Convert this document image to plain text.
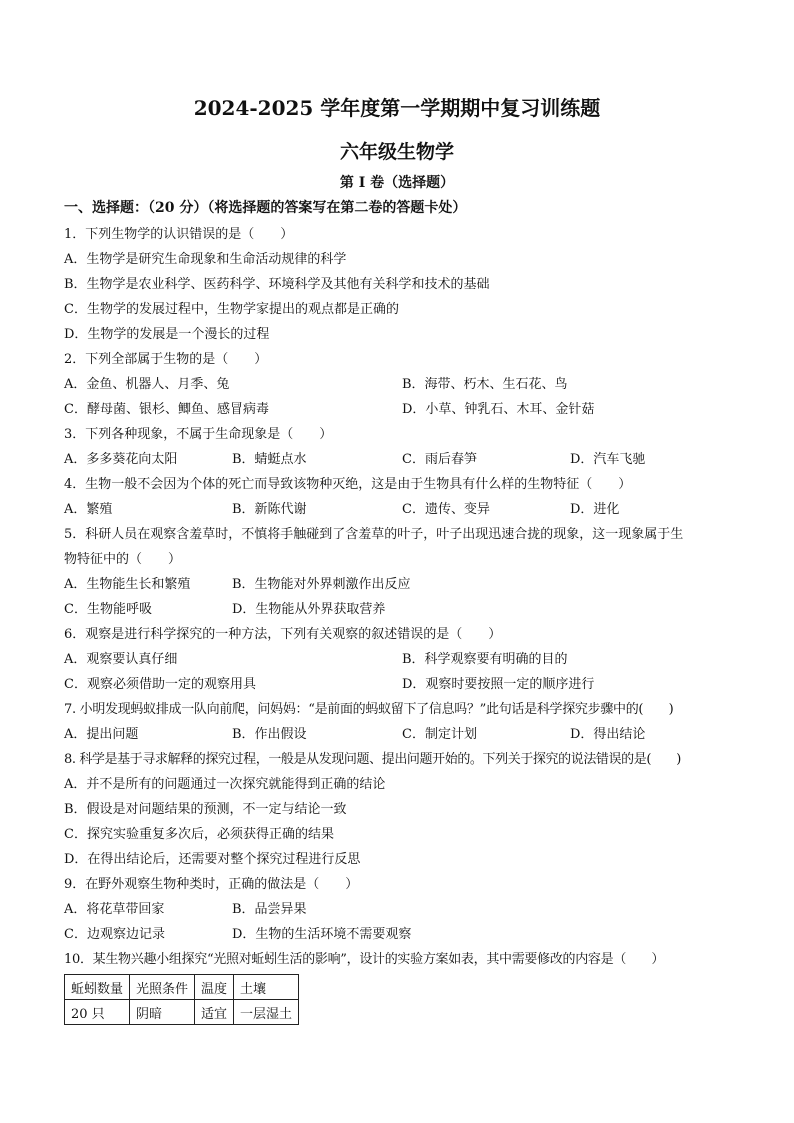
2024-2025 学年度第一学期期中复习训练题
六年级生物学
第 I 卷（选择题）
一、选择题：（20 分）（将选择题的答案写在第二卷的答题卡处）
1．下列生物学的认识错误的是（　　）
A．生物学是研究生命现象和生命活动规律的科学
B．生物学是农业科学、医药科学、环境科学及其他有关科学和技术的基础
C．生物学的发展过程中，生物学家提出的观点都是正确的
D．生物学的发展是一个漫长的过程
2．下列全部属于生物的是（　　）
A．金鱼、机器人、月季、兔	B．海带、朽木、生石花、鸟
C．酵母菌、银杉、鲫鱼、感冒病毒	D．小草、钟乳石、木耳、金针菇
3．下列各种现象，不属于生命现象是（　　）
A．多多葵花向太阳	B．蜻蜓点水	C．雨后春笋	D．汽车飞驰
4．生物一般不会因为个体的死亡而导致该物种灭绝，这是由于生物具有什么样的生物特征（　　）
A．繁殖	B．新陈代谢	C．遗传、变异	D．进化
5．科研人员在观察含羞草时，不慎将手触碰到了含羞草的叶子，叶子出现迅速合拢的现象，这一现象属于生
物特征中的（　　）
A．生物能生长和繁殖	B．生物能对外界刺激作出反应
C．生物能呼吸	D．生物能从外界获取营养
6．观察是进行科学探究的一种方法，下列有关观察的叙述错误的是（　　）
A．观察要认真仔细	B．科学观察要有明确的目的
C．观察必须借助一定的观察用具	D．观察时要按照一定的顺序进行
7. 小明发现蚂蚁排成一队向前爬，问妈妈：“是前面的蚂蚁留下了信息吗？”此句话是科学探究步骤中的(　　)
A．提出问题	B．作出假设	C．制定计划	D．得出结论
8. 科学是基于寻求解释的探究过程，一般是从发现问题、提出问题开始的。下列关于探究的说法错误的是(　　)
A．并不是所有的问题通过一次探究就能得到正确的结论
B．假设是对问题结果的预测，不一定与结论一致
C．探究实验重复多次后，必须获得正确的结果
D．在得出结论后，还需要对整个探究过程进行反思
9．在野外观察生物种类时，正确的做法是（　　）
A．将花草带回家	B．品尝异果
C．边观察边记录	D．生物的生活环境不需要观察
10．某生物兴趣小组探究“光照对蚯蚓生活的影响”，设计的实验方案如表，其中需要修改的内容是（　　）
蚯蚓数量	光照条件	温度	土壤
20 只	阴暗	适宜	一层湿土
